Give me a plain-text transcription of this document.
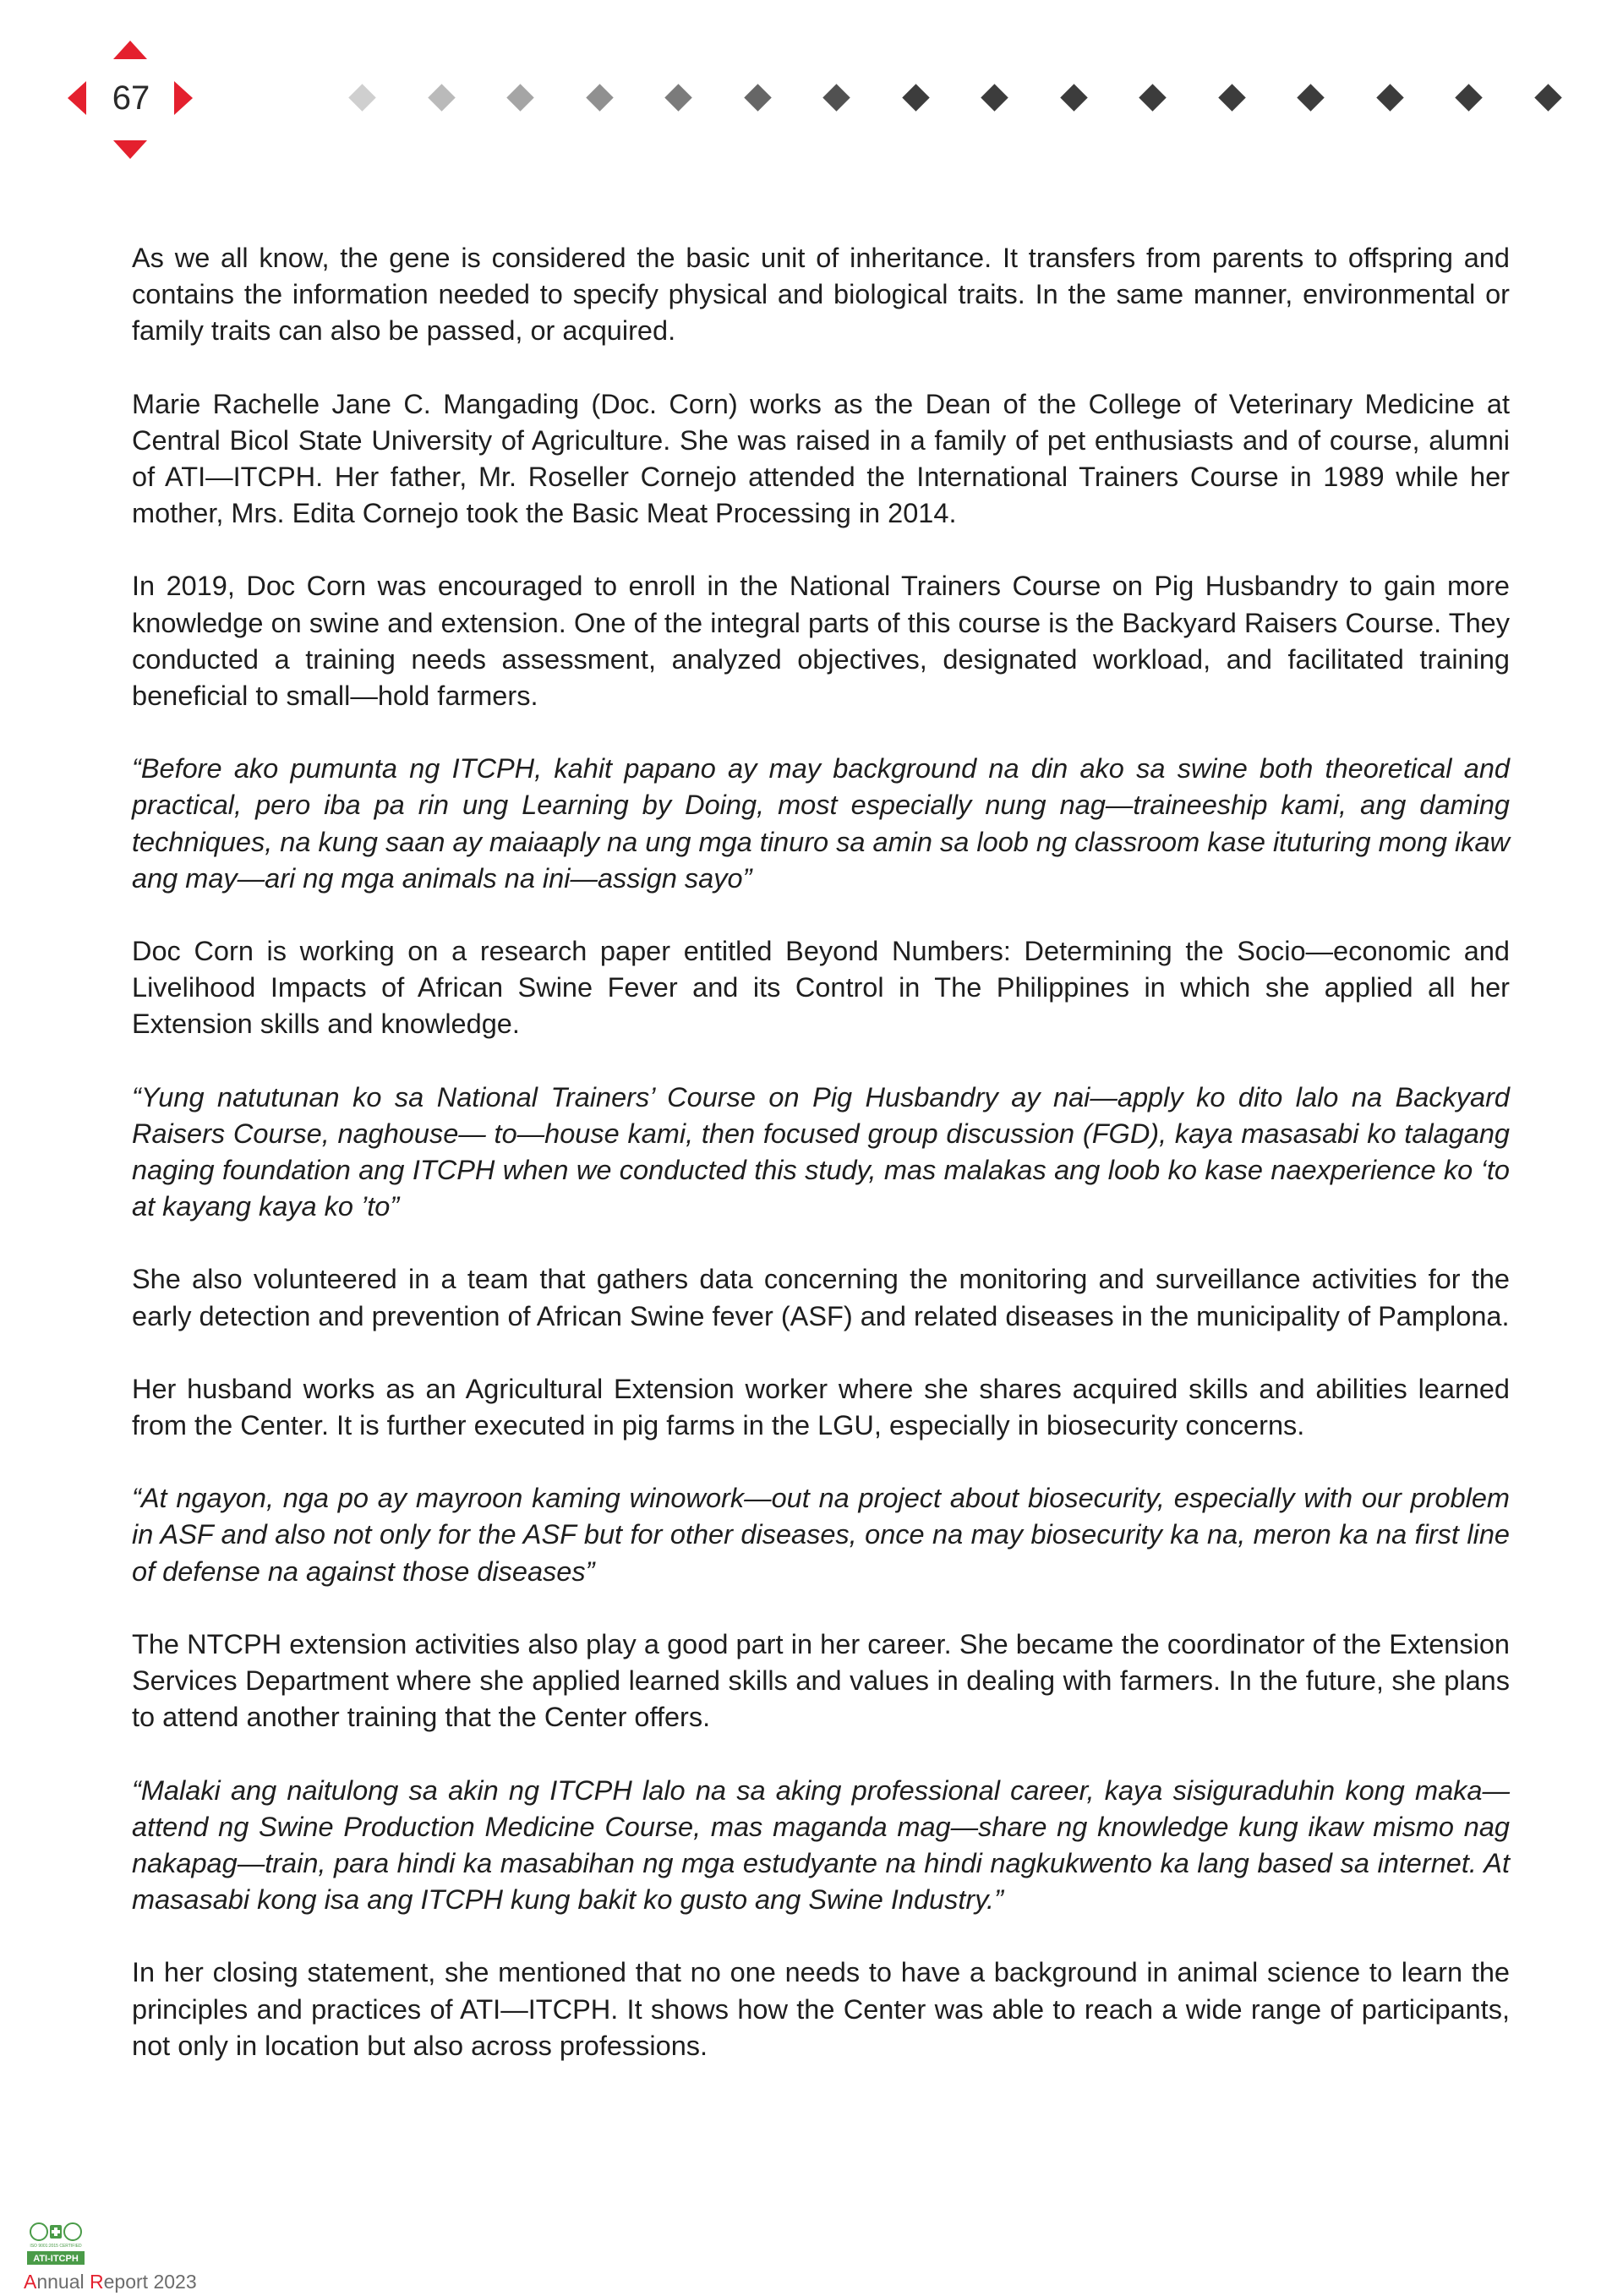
67

As we all know, the gene is considered the basic unit of inheritance. It transfers from parents to offspring and contains the information needed to specify physical and biological traits. In the same manner, environmental or family traits can also be passed, or acquired.

Marie Rachelle Jane C. Mangading (Doc. Corn) works as the Dean of the College of Veterinary Medicine at Central Bicol State University of Agriculture. She was raised in a family of pet enthusiasts and of course, alumni of ATI—ITCPH. Her father, Mr. Roseller Cornejo attended the International Trainers Course in 1989 while her mother, Mrs. Edita Cornejo took the Basic Meat Processing in 2014.

In 2019, Doc Corn was encouraged to enroll in the National Trainers Course on Pig Husbandry to gain more knowledge on swine and extension. One of the integral parts of this course is the Backyard Raisers Course. They conducted a training needs assessment, analyzed objectives, designated workload, and facilitated training beneficial to small—hold farmers.

“Before ako pumunta ng ITCPH, kahit papano ay may background na din ako sa swine both theoretical and practical, pero iba pa rin ung Learning by Doing, most especially nung nag—traineeship kami, ang daming techniques, na kung saan ay maiaaply na ung mga tinuro sa amin sa loob ng classroom kase ituturing mong ikaw ang may—ari ng mga animals na ini—assign sayo”

Doc Corn is working on a research paper entitled Beyond Numbers: Determining the Socio—economic and Livelihood Impacts of African Swine Fever and its Control in The Philippines in which she applied all her Extension skills and knowledge.

“Yung natutunan ko sa National Trainers’ Course on Pig Husbandry ay nai—apply ko dito lalo na Backyard Raisers Course, naghouse— to—house kami, then focused group discussion (FGD), kaya masasabi ko talagang naging foundation ang ITCPH when we conducted this study, mas malakas ang loob ko kase naexperience ko ‘to at kayang kaya ko ’to”

She also volunteered in a team that gathers data concerning the monitoring and surveillance activities for the early detection and prevention of African Swine fever (ASF) and related diseases in the municipality of Pamplona.

Her husband works as an Agricultural Extension worker where she shares acquired skills and abilities learned from the Center. It is further executed in pig farms in the LGU, especially in biosecurity concerns.

“At ngayon, nga po ay mayroon kaming winowork—out na project about biosecurity, especially with our problem in ASF and also not only for the ASF but for other diseases, once na may biosecurity ka na, meron ka na first line of defense na against those diseases”

The NTCPH extension activities also play a good part in her career. She became the coordinator of the Extension Services Department where she applied learned skills and values in dealing with farmers. In the future, she plans to attend another training that the Center offers.

“Malaki ang naitulong sa akin ng ITCPH lalo na sa aking professional career, kaya sisiguraduhin kong maka—attend ng Swine Production Medicine Course, mas maganda mag—share ng knowledge kung ikaw mismo nag nakapag—train, para hindi ka masabihan ng mga estudyante na hindi nagkukwento ka lang based sa internet. At masasabi kong isa ang ITCPH kung bakit ko gusto ang Swine Industry.”

In her closing statement, she mentioned that no one needs to have a background in animal science to learn the principles and practices of ATI—ITCPH. It shows how the Center was able to reach a wide range of participants, not only in location but also across professions.

ISO 9001:2015 CERTIFIED
ATI-ITCPH
Annual Report 2023
